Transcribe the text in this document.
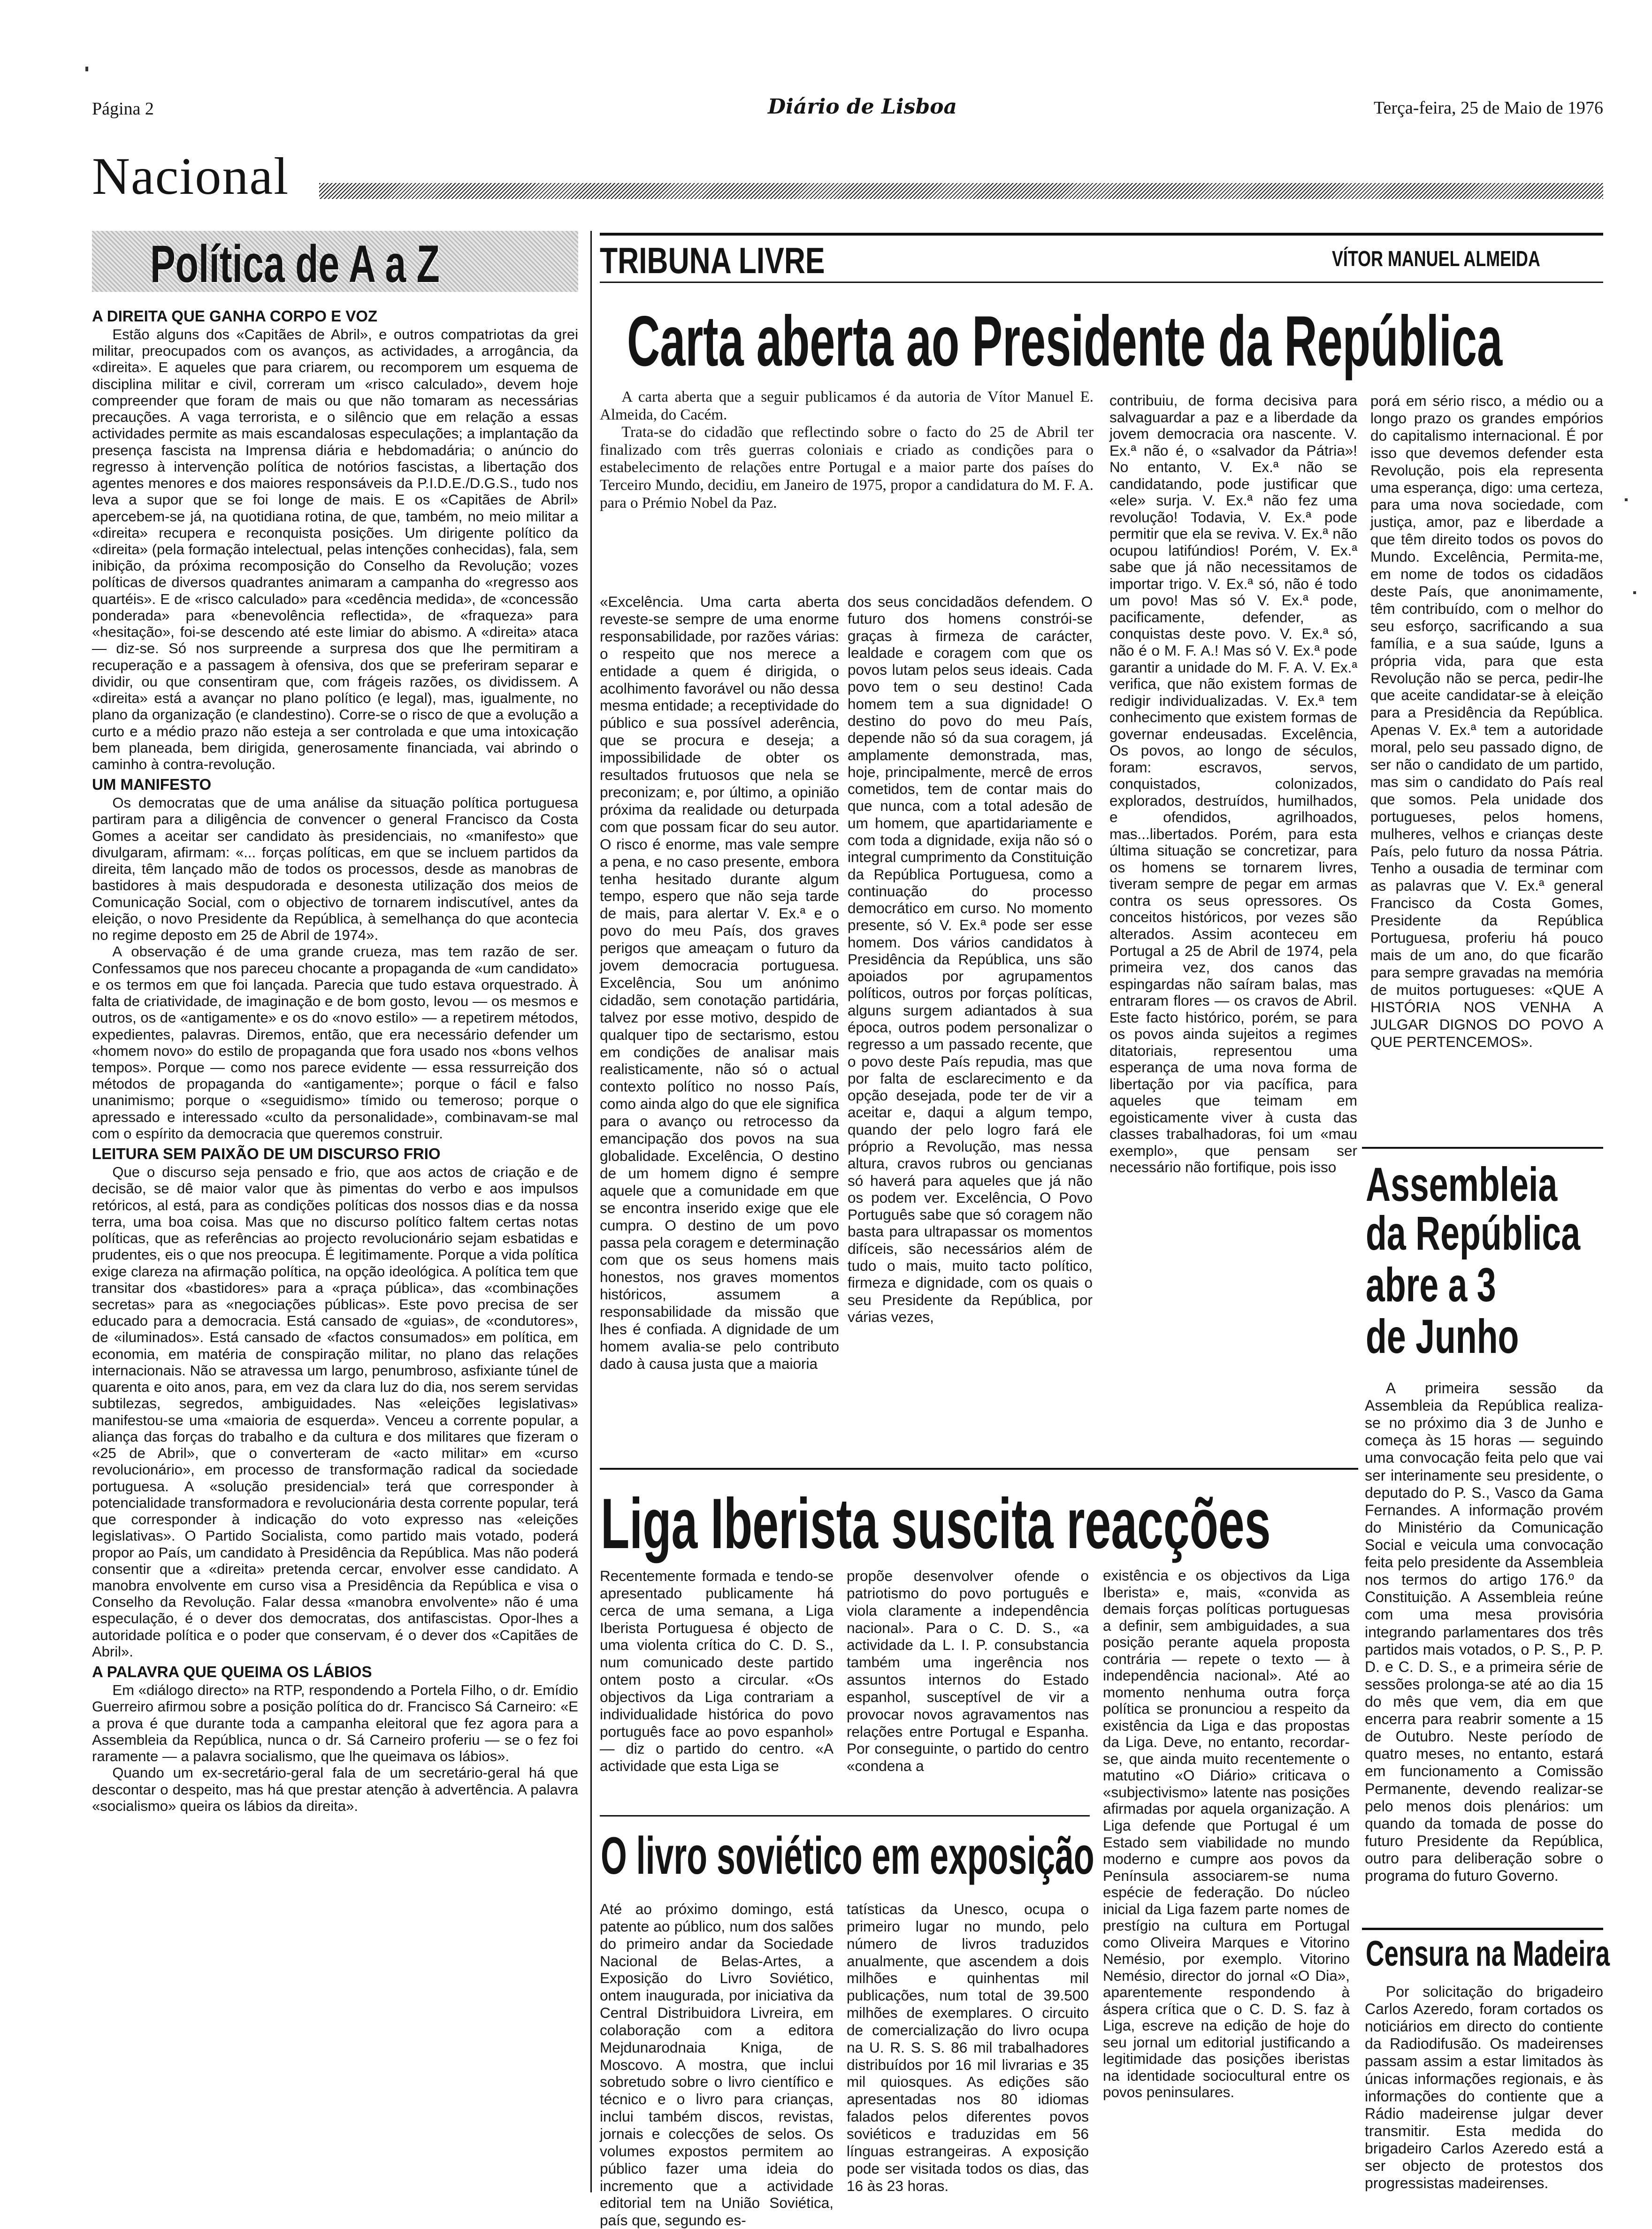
Página 2	Diário de Lisboa	Terça-feira, 25 de Maio de 1976
Nacional
Política de A a Z
A DIREITA QUE GANHA CORPO E VOZ

Estão alguns dos «Capitães de Abril», e outros compatriotas da grei militar, preocupados com os avanços, as actividades, a arrogância, da «direita». E aqueles que para criarem, ou recomporem um esquema de disciplina militar e civil, correram um «risco calculado», devem hoje compreender que foram de mais ou que não tomaram as necessárias precauções. A vaga terrorista, e o silêncio que em relação a essas actividades permite as mais escandalosas especulações; a implantação da presença fascista na Imprensa diária e hebdomadária; o anúncio do regresso à intervenção política de notórios fascistas, a libertação dos agentes menores e dos maiores responsáveis da P.I.D.E./D.G.S., tudo nos leva a supor que se foi longe de mais. E os «Capitães de Abril» apercebem-se já, na quotidiana rotina, de que, também, no meio militar a «direita» recupera e reconquista posições. Um dirigente político da «direita» (pela formação intelectual, pelas intenções conhecidas), fala, sem inibição, da próxima recomposição do Conselho da Revolução; vozes políticas de diversos quadrantes animaram a campanha do «regresso aos quartéis». E de «risco calculado» para «cedência medida», de «concessão ponderada» para «benevolência reflectida», de «fraqueza» para «hesitação», foi-se descendo até este limiar do abismo. A «direita» ataca — diz-se. Só nos surpreende a surpresa dos que lhe permitiram a recuperação e a passagem à ofensiva, dos que se preferiram separar e dividir, ou que consentiram que, com frágeis razões, os dividissem. A «direita» está a avançar no plano político (e legal), mas, igualmente, no plano da organização (e clandestino). Corre-se o risco de que a evolução a curto e a médio prazo não esteja a ser controlada e que uma intoxicação bem planeada, bem dirigida, generosamente financiada, vai abrindo o caminho à contra-revolução.

UM MANIFESTO

Os democratas que de uma análise da situação política portuguesa partiram para a diligência de convencer o general Francisco da Costa Gomes a aceitar ser candidato às presidenciais, no «manifesto» que divulgaram, afirmam: «... forças políticas, em que se incluem partidos da direita, têm lançado mão de todos os processos, desde as manobras de bastidores à mais despudorada e desonesta utilização dos meios de Comunicação Social, com o objectivo de tornarem indiscutível, antes da eleição, o novo Presidente da República, à semelhança do que acontecia no regime deposto em 25 de Abril de 1974».

A observação é de uma grande crueza, mas tem razão de ser. Confessamos que nos pareceu chocante a propaganda de «um candidato» e os termos em que foi lançada. Parecia que tudo estava orquestrado. À falta de criatividade, de imaginação e de bom gosto, levou — os mesmos e outros, os de «antigamente» e os do «novo estilo» — a repetirem métodos, expedientes, palavras. Diremos, então, que era necessário defender um «homem novo» do estilo de propaganda que fora usado nos «bons velhos tempos». Porque — como nos parece evidente — essa ressurreição dos métodos de propaganda do «antigamente»; porque o fácil e falso unanimismo; porque o «seguidismo» tímido ou temeroso; porque o apressado e interessado «culto da personalidade», combinavam-se mal com o espírito da democracia que queremos construir.

LEITURA SEM PAIXÃO DE UM DISCURSO FRIO

Que o discurso seja pensado e frio, que aos actos de criação e de decisão, se dê maior valor que às pimentas do verbo e aos impulsos retóricos, al está, para as condições políticas dos nossos dias e da nossa terra, uma boa coisa. Mas que no discurso político faltem certas notas políticas, que as referências ao projecto revolucionário sejam esbatidas e prudentes, eis o que nos preocupa. É legitimamente. Porque a vida política exige clareza na afirmação política, na opção ideológica. A política tem que transitar dos «bastidores» para a «praça pública», das «combinações secretas» para as «negociações públicas». Este povo precisa de ser educado para a democracia. Está cansado de «guias», de «condutores», de «iluminados». Está cansado de «factos consumados» em política, em economia, em matéria de conspiração militar, no plano das relações internacionais. Não se atravessa um largo, penumbroso, asfixiante túnel de quarenta e oito anos, para, em vez da clara luz do dia, nos serem servidas subtilezas, segredos, ambiguidades. Nas «eleições legislativas» manifestou-se uma «maioria de esquerda». Venceu a corrente popular, a aliança das forças do trabalho e da cultura e dos militares que fizeram o «25 de Abril», que o converteram de «acto militar» em «curso revolucionário», em processo de transformação radical da sociedade portuguesa. A «solução presidencial» terá que corresponder à potencialidade transformadora e revolucionária desta corrente popular, terá que corresponder à indicação do voto expresso nas «eleições legislativas». O Partido Socialista, como partido mais votado, poderá propor ao País, um candidato à Presidência da República. Mas não poderá consentir que a «direita» pretenda cercar, envolver esse candidato. A manobra envolvente em curso visa a Presidência da República e visa o Conselho da Revolução. Falar dessa «manobra envolvente» não é uma especulação, é o dever dos democratas, dos antifascistas. Opor-lhes a autoridade política e o poder que conservam, é o dever dos «Capitães de Abril».

A PALAVRA QUE QUEIMA OS LÁBIOS

Em «diálogo directo» na RTP, respondendo a Portela Filho, o dr. Emídio Guerreiro afirmou sobre a posição política do dr. Francisco Sá Carneiro: «E a prova é que durante toda a campanha eleitoral que fez agora para a Assembleia da República, nunca o dr. Sá Carneiro proferiu — se o fez foi raramente — a palavra socialismo, que lhe queimava os lábios».

Quando um ex-secretário-geral fala de um secretário-geral há que descontar o despeito, mas há que prestar atenção à advertência. A palavra «socialismo» queira os lábios da direita».

TRIBUNA LIVRE	VÍTOR MANUEL ALMEIDA
Carta aberta ao Presidente da República

A carta aberta que a seguir publicamos é da autoria de Vítor Manuel E. Almeida, do Cacém.

Trata-se do cidadão que reflectindo sobre o facto do 25 de Abril ter finalizado com três guerras coloniais e criado as condições para o estabelecimento de relações entre Portugal e a maior parte dos países do Terceiro Mundo, decidiu, em Janeiro de 1975, propor a candidatura do M. F. A. para o Prémio Nobel da Paz.

«Excelência. Uma carta aberta reveste-se sempre de uma enorme responsabilidade, por razões várias: o respeito que nos merece a entidade a quem é dirigida, o acolhimento favorável ou não dessa mesma entidade; a receptividade do público e sua possível aderência, que se procura e deseja; a impossibilidade de obter os resultados frutuosos que nela se preconizam; e, por último, a opinião próxima da realidade ou deturpada com que possam ficar do seu autor. O risco é enorme, mas vale sempre a pena, e no caso presente, embora tenha hesitado durante algum tempo, espero que não seja tarde de mais, para alertar V. Ex.ª e o povo do meu País, dos graves perigos que ameaçam o futuro da jovem democracia portuguesa. Excelência, Sou um anónimo cidadão, sem conotação partidária, talvez por esse motivo, despido de qualquer tipo de sectarismo, estou em condições de analisar mais realisticamente, não só o actual contexto político no nosso País, como ainda algo do que ele significa para o avanço ou retrocesso da emancipação dos povos na sua globalidade. Excelência, O destino de um homem digno é sempre aquele que a comunidade em que se encontra inserido exige que ele cumpra. O destino de um povo passa pela coragem e determinação com que os seus homens mais honestos, nos graves momentos históricos, assumem a responsabilidade da missão que lhes é confiada. A dignidade de um homem avalia-se pelo contributo dado à causa justa que a maioria

dos seus concidadãos defendem. O futuro dos homens constrói-se graças à firmeza de carácter, lealdade e coragem com que os povos lutam pelos seus ideais. Cada povo tem o seu destino! Cada homem tem a sua dignidade! O destino do povo do meu País, depende não só da sua coragem, já amplamente demonstrada, mas, hoje, principalmente, mercê de erros cometidos, tem de contar mais do que nunca, com a total adesão de um homem, que apartidariamente e com toda a dignidade, exija não só o integral cumprimento da Constituição da República Portuguesa, como a continuação do processo democrático em curso. No momento presente, só V. Ex.ª pode ser esse homem. Dos vários candidatos à Presidência da República, uns são apoiados por agrupamentos políticos, outros por forças políticas, alguns surgem adiantados à sua época, outros podem personalizar o regresso a um passado recente, que o povo deste País repudia, mas que por falta de esclarecimento e da opção desejada, pode ter de vir a aceitar e, daqui a algum tempo, quando der pelo logro fará ele próprio a Revolução, mas nessa altura, cravos rubros ou gencianas só haverá para aqueles que já não os podem ver. Excelência, O Povo Português sabe que só coragem não basta para ultrapassar os momentos difíceis, são necessários além de tudo o mais, muito tacto político, firmeza e dignidade, com os quais o seu Presidente da República, por várias vezes,

contribuiu, de forma decisiva para salvaguardar a paz e a liberdade da jovem democracia ora nascente. V. Ex.ª não é, o «salvador da Pátria»! No entanto, V. Ex.ª não se candidatando, pode justificar que «ele» surja. V. Ex.ª não fez uma revolução! Todavia, V. Ex.ª pode permitir que ela se reviva. V. Ex.ª não ocupou latifúndios! Porém, V. Ex.ª sabe que já não necessitamos de importar trigo. V. Ex.ª só, não é todo um povo! Mas só V. Ex.ª pode, pacificamente, defender, as conquistas deste povo. V. Ex.ª só, não é o M. F. A.! Mas só V. Ex.ª pode garantir a unidade do M. F. A. V. Ex.ª verifica, que não existem formas de redigir individualizadas. V. Ex.ª tem conhecimento que existem formas de governar endeusadas. Excelência, Os povos, ao longo de séculos, foram: escravos, servos, conquistados, colonizados, explorados, destruídos, humilhados, e ofendidos, agrilhoados, mas...libertados. Porém, para esta última situação se concretizar, para os homens se tornarem livres, tiveram sempre de pegar em armas contra os seus opressores. Os conceitos históricos, por vezes são alterados. Assim aconteceu em Portugal a 25 de Abril de 1974, pela primeira vez, dos canos das espingardas não saíram balas, mas entraram flores — os cravos de Abril. Este facto histórico, porém, se para os povos ainda sujeitos a regimes ditatoriais, representou uma esperança de uma nova forma de libertação por via pacífica, para aqueles que teimam em egoisticamente viver à custa das classes trabalhadoras, foi um «mau exemplo», que pensam ser necessário não fortifique, pois isso

porá em sério risco, a médio ou a longo prazo os grandes empórios do capitalismo internacional. É por isso que devemos defender esta Revolução, pois ela representa uma esperança, digo: uma certeza, para uma nova sociedade, com justiça, amor, paz e liberdade a que têm direito todos os povos do Mundo. Excelência, Permita-me, em nome de todos os cidadãos deste País, que anonimamente, têm contribuído, com o melhor do seu esforço, sacrificando a sua família, e a sua saúde, Iguns a própria vida, para que esta Revolução não se perca, pedir-lhe que aceite candidatar-se à eleição para a Presidência da República. Apenas V. Ex.ª tem a autoridade moral, pelo seu passado digno, de ser não o candidato de um partido, mas sim o candidato do País real que somos. Pela unidade dos portugueses, pelos homens, mulheres, velhos e crianças deste País, pelo futuro da nossa Pátria. Tenho a ousadia de terminar com as palavras que V. Ex.ª general Francisco da Costa Gomes, Presidente da República Portuguesa, proferiu há pouco mais de um ano, do que ficarão para sempre gravadas na memória de muitos portugueses: «QUE A HISTÓRIA NOS VENHA A JULGAR DIGNOS DO POVO A QUE PERTENCEMOS».

Assembleia
da República
abre a 3
de Junho

A primeira sessão da Assembleia da República realiza-se no próximo dia 3 de Junho e começa às 15 horas — seguindo uma convocação feita pelo que vai ser interinamente seu presidente, o deputado do P. S., Vasco da Gama Fernandes. A informação provém do Ministério da Comunicação Social e veicula uma convocação feita pelo presidente da Assembleia nos termos do artigo 176.º da Constituição. A Assembleia reúne com uma mesa provisória integrando parlamentares dos três partidos mais votados, o P. S., P. P. D. e C. D. S., e a primeira série de sessões prolonga-se até ao dia 15 do mês que vem, dia em que encerra para reabrir somente a 15 de Outubro. Neste período de quatro meses, no entanto, estará em funcionamento a Comissão Permanente, devendo realizar-se pelo menos dois plenários: um quando da tomada de posse do futuro Presidente da República, outro para deliberação sobre o programa do futuro Governo.

Liga Iberista suscita reacções

Recentemente formada e tendo-se apresentado publicamente há cerca de uma semana, a Liga Iberista Portuguesa é objecto de uma violenta crítica do C. D. S., num comunicado deste partido ontem posto a circular. «Os objectivos da Liga contrariam a individualidade histórica do povo português face ao povo espanhol» — diz o partido do centro. «A actividade que esta Liga se

propõe desenvolver ofende o patriotismo do povo português e viola claramente a independência nacional». Para o C. D. S., «a actividade da L. I. P. consubstancia também uma ingerência nos assuntos internos do Estado espanhol, susceptível de vir a provocar novos agravamentos nas relações entre Portugal e Espanha. Por conseguinte, o partido do centro «condena a

existência e os objectivos da Liga Iberista» e, mais, «convida as demais forças políticas portuguesas a definir, sem ambiguidades, a sua posição perante aquela proposta contrária — repete o texto — à independência nacional». Até ao momento nenhuma outra força política se pronunciou a respeito da existência da Liga e das propostas da Liga. Deve, no entanto, recordar-se, que ainda muito recentemente o matutino «O Diário» criticava o «subjectivismo» latente nas posições afirmadas por aquela organização. A Liga defende que Portugal é um Estado sem viabilidade no mundo moderno e cumpre aos povos da Península associarem-se numa espécie de federação. Do núcleo inicial da Liga fazem parte nomes de prestígio na cultura em Portugal como Oliveira Marques e Vitorino Nemésio, por exemplo. Vitorino Nemésio, director do jornal «O Dia», aparentemente respondendo à áspera crítica que o C. D. S. faz à Liga, escreve na edição de hoje do seu jornal um editorial justificando a legitimidade das posições iberistas na identidade sociocultural entre os povos peninsulares.

O livro soviético em exposição

Até ao próximo domingo, está patente ao público, num dos salões do primeiro andar da Sociedade Nacional de Belas-Artes, a Exposição do Livro Soviético, ontem inaugurada, por iniciativa da Central Distribuidora Livreira, em colaboração com a editora Mejdunarodnaia Kniga, de Moscovo. A mostra, que inclui sobretudo sobre o livro científico e técnico e o livro para crianças, inclui também discos, revistas, jornais e colecções de selos. Os volumes expostos permitem ao público fazer uma ideia do incremento que a actividade editorial tem na União Soviética, país que, segundo es-

tatísticas da Unesco, ocupa o primeiro lugar no mundo, pelo número de livros traduzidos anualmente, que ascendem a dois milhões e quinhentas mil publicações, num total de 39.500 milhões de exemplares. O circuito de comercialização do livro ocupa na U. R. S. S. 86 mil trabalhadores distribuídos por 16 mil livrarias e 35 mil quiosques. As edições são apresentadas nos 80 idiomas falados pelos diferentes povos soviéticos e traduzidas em 56 línguas estrangeiras. A exposição pode ser visitada todos os dias, das 16 às 23 horas.

Censura na Madeira

Por solicitação do brigadeiro Carlos Azeredo, foram cortados os noticiários em directo do contiente da Radiodifusão. Os madeirenses passam assim a estar limitados às únicas informações regionais, e às informações do contiente que a Rádio madeirense julgar dever transmitir. Esta medida do brigadeiro Carlos Azeredo está a ser objecto de protestos dos progressistas madeirenses.
